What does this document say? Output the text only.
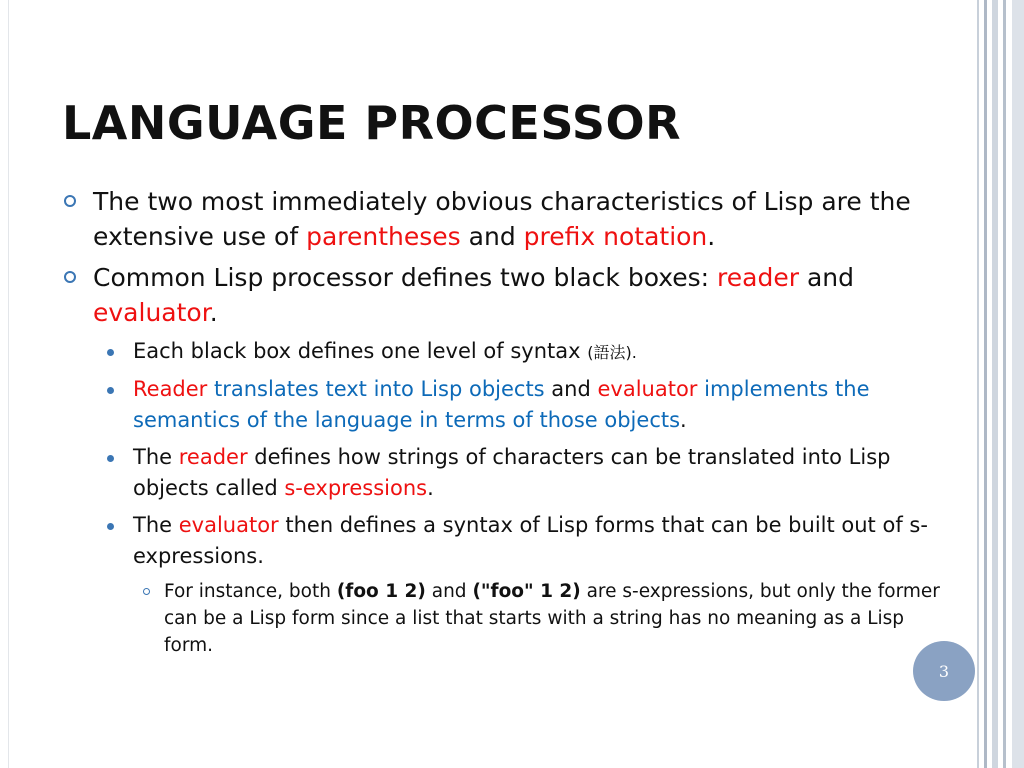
LANGUAGE PROCESSOR
The two most immediately obvious characteristics of Lisp are the extensive use of parentheses and prefix notation.
Common Lisp processor defines two black boxes: reader and evaluator.
Each black box defines one level of syntax (語法).
Reader translates text into Lisp objects and evaluator implements the semantics of the language in terms of those objects.
The reader defines how strings of characters can be translated into Lisp objects called s-expressions.
The evaluator then defines a syntax of Lisp forms that can be built out of s-expressions.
For instance, both (foo 1 2) and ("foo" 1 2) are s-expressions, but only the former can be a Lisp form since a list that starts with a string has no meaning as a Lisp form.
3
